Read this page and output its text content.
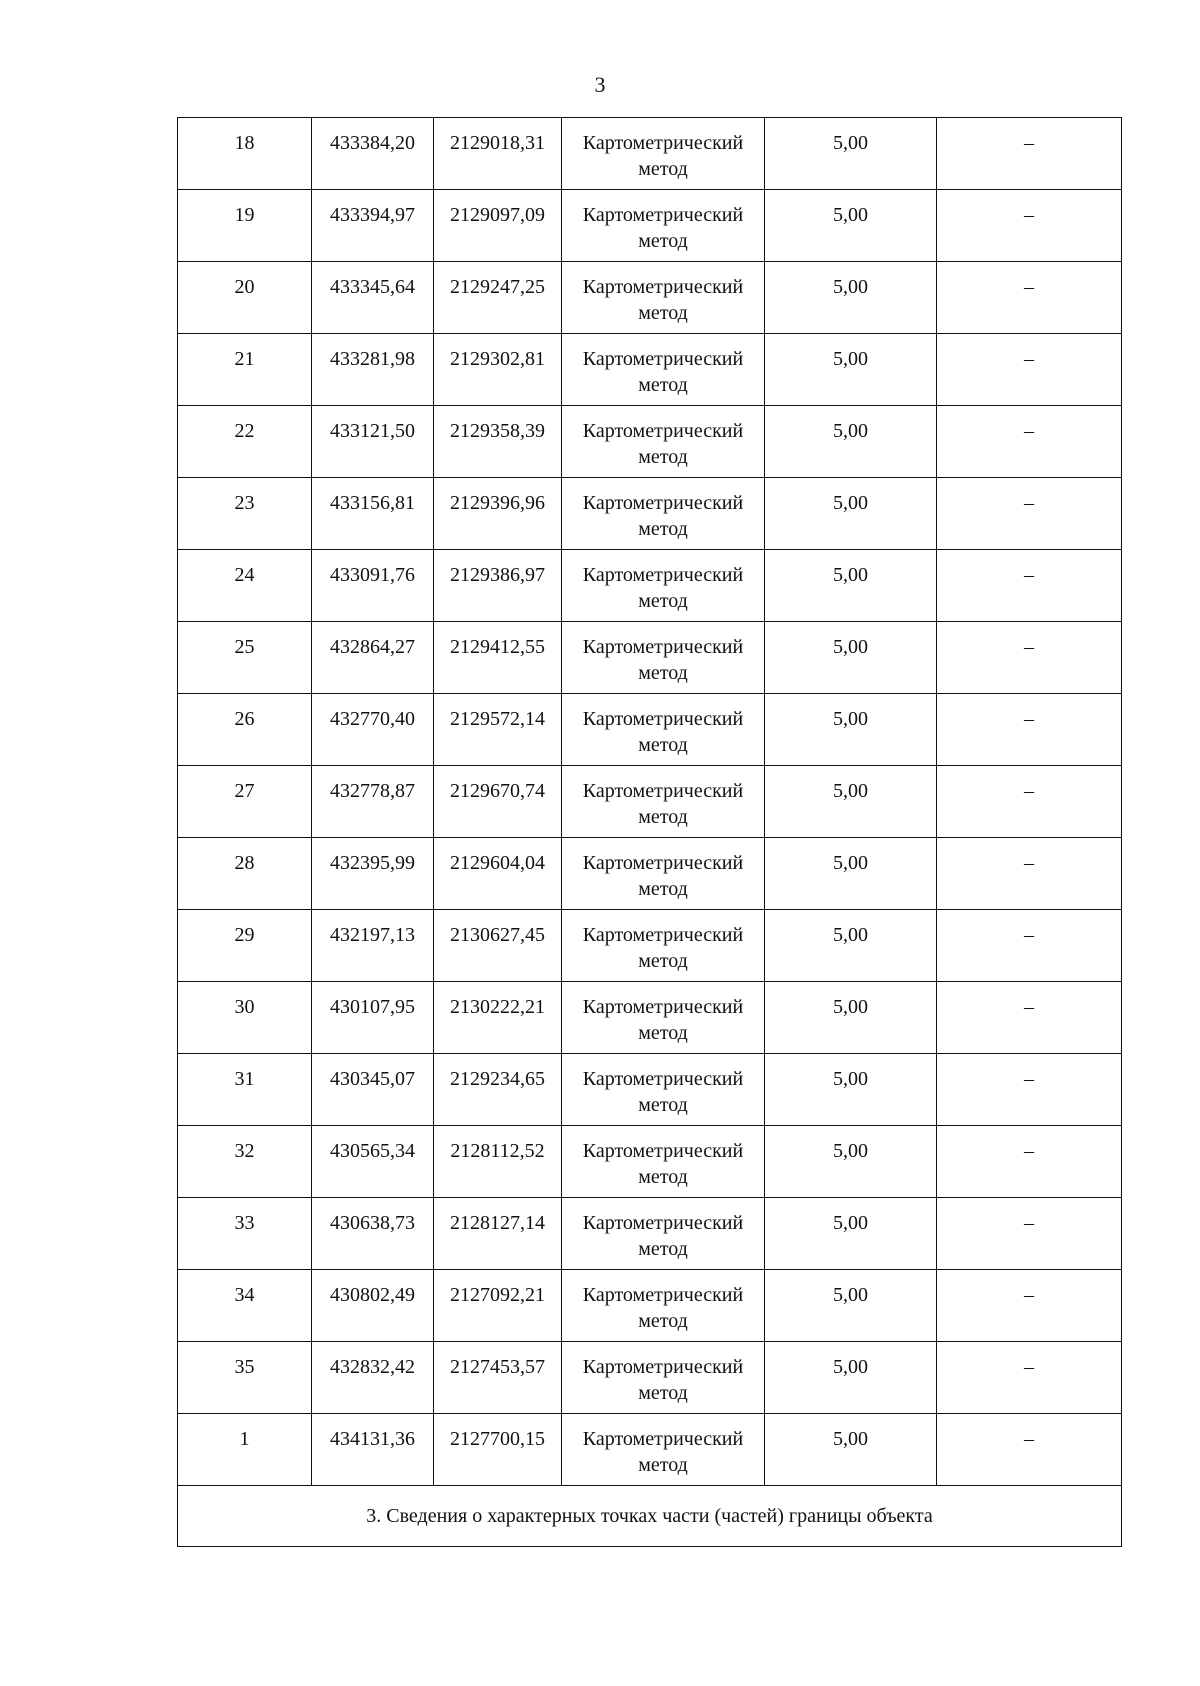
3
18	433384,20	2129018,31	Картометрический метод	5,00	–
19	433394,97	2129097,09	Картометрический метод	5,00	–
20	433345,64	2129247,25	Картометрический метод	5,00	–
21	433281,98	2129302,81	Картометрический метод	5,00	–
22	433121,50	2129358,39	Картометрический метод	5,00	–
23	433156,81	2129396,96	Картометрический метод	5,00	–
24	433091,76	2129386,97	Картометрический метод	5,00	–
25	432864,27	2129412,55	Картометрический метод	5,00	–
26	432770,40	2129572,14	Картометрический метод	5,00	–
27	432778,87	2129670,74	Картометрический метод	5,00	–
28	432395,99	2129604,04	Картометрический метод	5,00	–
29	432197,13	2130627,45	Картометрический метод	5,00	–
30	430107,95	2130222,21	Картометрический метод	5,00	–
31	430345,07	2129234,65	Картометрический метод	5,00	–
32	430565,34	2128112,52	Картометрический метод	5,00	–
33	430638,73	2128127,14	Картометрический метод	5,00	–
34	430802,49	2127092,21	Картометрический метод	5,00	–
35	432832,42	2127453,57	Картометрический метод	5,00	–
1	434131,36	2127700,15	Картометрический метод	5,00	–
3. Сведения о характерных точках части (частей) границы объекта					
